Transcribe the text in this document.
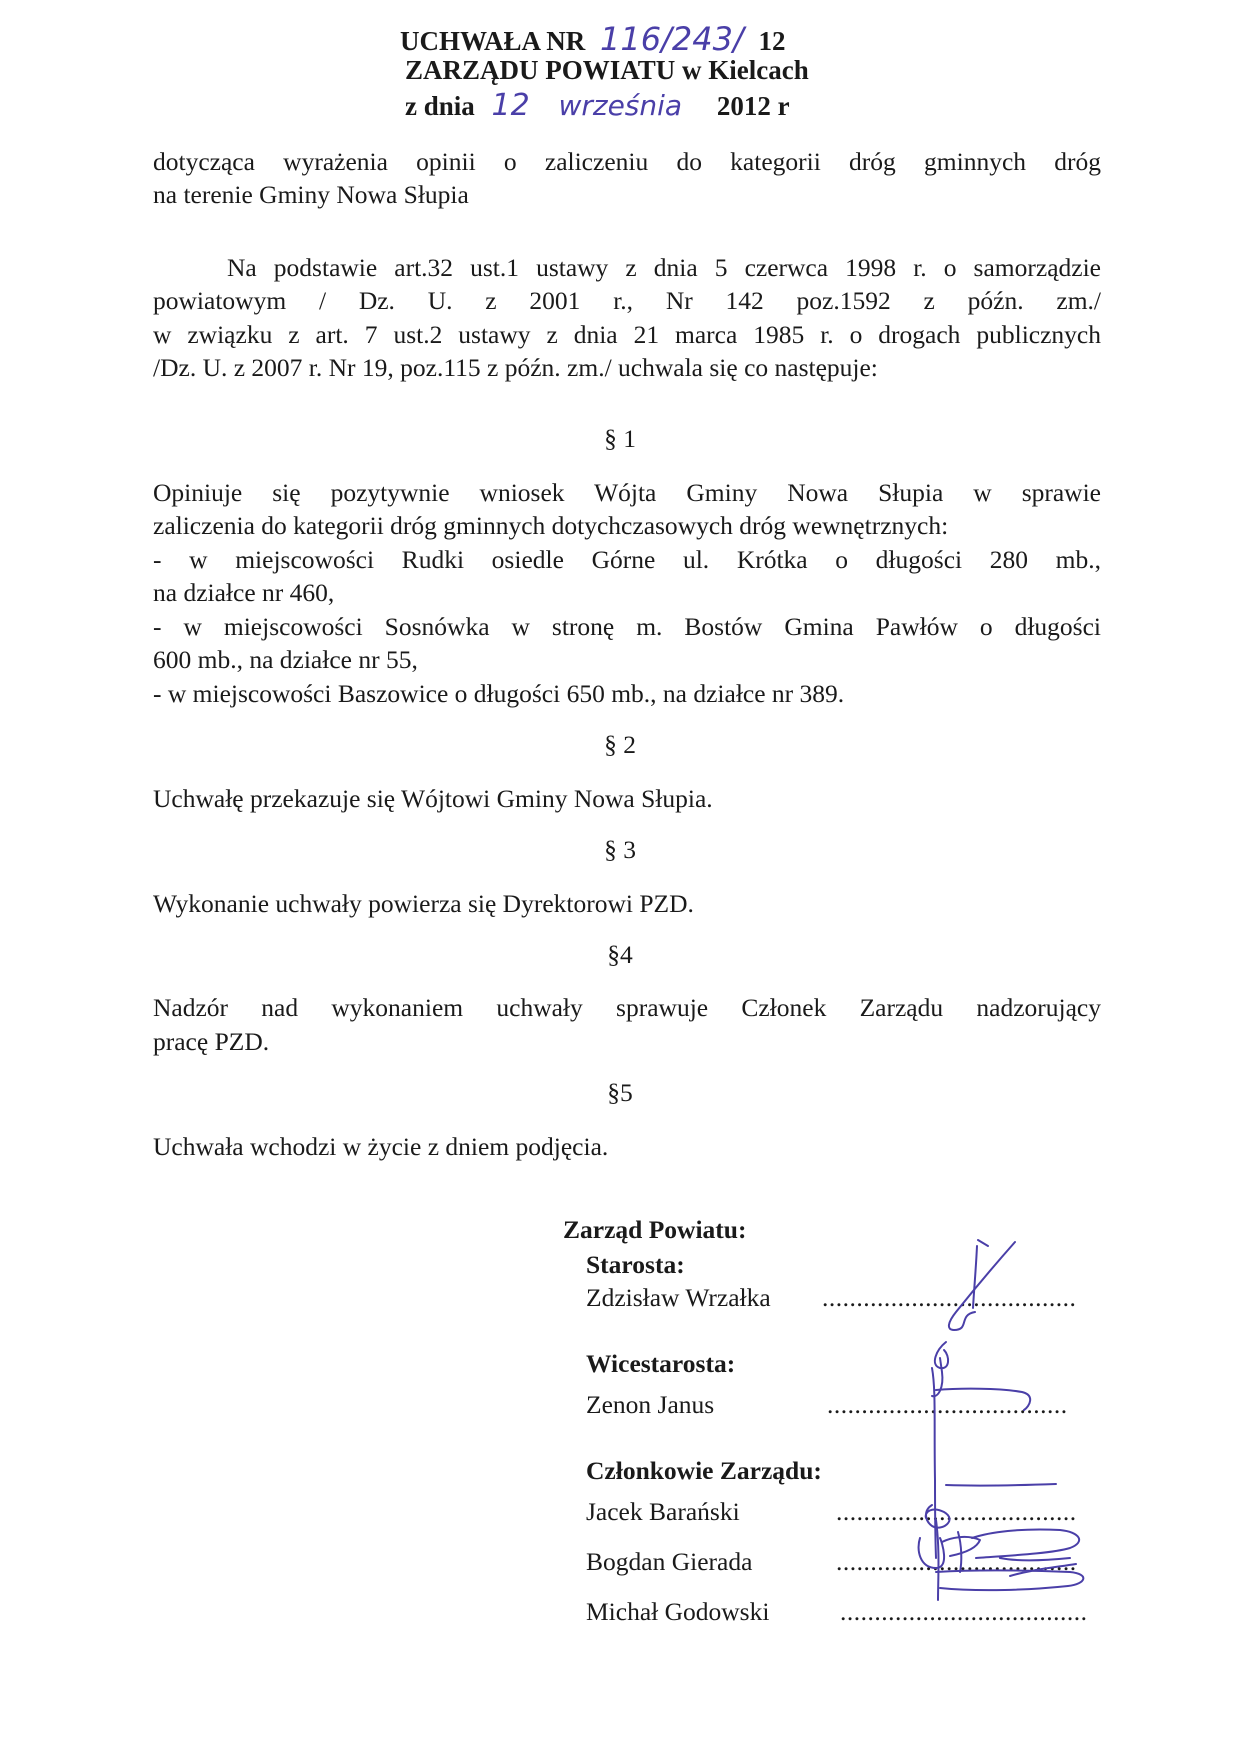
UCHWAŁA NR 116/243/ 12
ZARZĄDU POWIATU w Kielcach
z dnia 12 września 2012 r
dotycząca wyrażenia opinii o zaliczeniu do kategorii dróg gminnych dróg
na terenie Gminy Nowa Słupia
Na podstawie art.32 ust.1 ustawy z dnia 5 czerwca 1998 r. o samorządzie
powiatowym / Dz. U. z 2001 r., Nr 142 poz.1592 z późn. zm./
w związku z art. 7 ust.2 ustawy z dnia 21 marca 1985 r. o drogach publicznych
/Dz. U. z 2007 r. Nr 19, poz.115 z późn. zm./ uchwala się co następuje:
§ 1
Opiniuje się pozytywnie wniosek Wójta Gminy Nowa Słupia w sprawie
zaliczenia do kategorii dróg gminnych dotychczasowych dróg wewnętrznych:
- w miejscowości Rudki osiedle Górne ul. Krótka o długości 280 mb.,
na działce nr 460,
- w miejscowości Sosnówka w stronę m. Bostów Gmina Pawłów o długości
600 mb., na działce nr 55,
- w miejscowości Baszowice o długości 650 mb., na działce nr 389.
§ 2
Uchwałę przekazuje się Wójtowi Gminy Nowa Słupia.
§ 3
Wykonanie uchwały powierza się Dyrektorowi PZD.
§4
Nadzór nad wykonaniem uchwały sprawuje Członek Zarządu nadzorujący
pracę PZD.
§5
Uchwała wchodzi w życie z dniem podjęcia.
Zarząd Powiatu:
Starosta:
Zdzisław Wrzałka .....................................
Wicestarosta:
Zenon Janus	...................................
Członkowie Zarządu:
Jacek Barański	...................................
Bogdan Gierada	...................................
Michał Godowski	....................................
